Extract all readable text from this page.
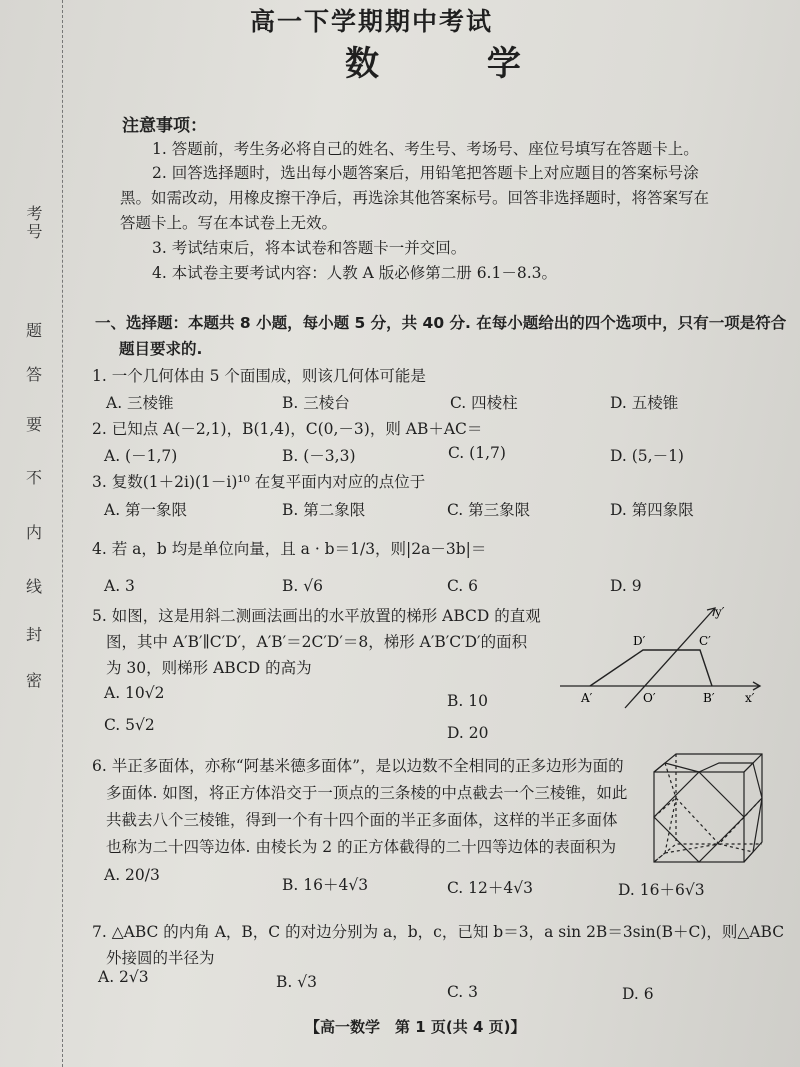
考号
题
答
要
不
内
线
封
密
高一下学期期中考试
数 学
注意事项：
1. 答题前，考生务必将自己的姓名、考生号、考场号、座位号填写在答题卡上。
2. 回答选择题时，选出每小题答案后，用铅笔把答题卡上对应题目的答案标号涂
黑。如需改动，用橡皮擦干净后，再选涂其他答案标号。回答非选择题时，将答案写在
答题卡上。写在本试卷上无效。
3. 考试结束后，将本试卷和答题卡一并交回。
4. 本试卷主要考试内容：人教 A 版必修第二册 6.1－8.3。
一、选择题：本题共 8 小题，每小题 5 分，共 40 分. 在每小题给出的四个选项中，只有一项是符合
题目要求的.
1. 一个几何体由 5 个面围成，则该几何体可能是
A. 三棱锥	B. 三棱台	C. 四棱柱	D. 五棱锥
2. 已知点 A(－2,1)，B(1,4)，C(0,－3)，则 AB＋AC＝
A. (－1,7)	B. (－3,3)	C. (1,7)	D. (5,－1)
3. 复数(1＋2i)(1－i)¹⁰ 在复平面内对应的点位于
A. 第一象限	B. 第二象限	C. 第三象限	D. 第四象限
4. 若 a，b 均是单位向量，且 a · b＝1/3，则|2a－3b|＝
A. 3	B. √6	C. 6	D. 9
5. 如图，这是用斜二测画法画出的水平放置的梯形 ABCD 的直观
图，其中 A′B′∥C′D′，A′B′＝2C′D′＝8，梯形 A′B′C′D′的面积
为 30，则梯形 ABCD 的高为
A. 10√2	B. 10
C. 5√2	D. 20
y′
D′	C′
A′	O′	B′	x′
6. 半正多面体，亦称“阿基米德多面体”，是以边数不全相同的正多边形为面的
多面体. 如图，将正方体沿交于一顶点的三条棱的中点截去一个三棱锥，如此
共截去八个三棱锥，得到一个有十四个面的半正多面体，这样的半正多面体
也称为二十四等边体. 由棱长为 2 的正方体截得的二十四等边体的表面积为
A. 20/3
B. 16＋4√3	C. 12＋4√3	D. 16＋6√3
7. △ABC 的内角 A，B，C 的对边分别为 a，b，c，已知 b＝3，a sin 2B＝3sin(B＋C)，则△ABC
外接圆的半径为
A. 2√3	B. √3
C. 3	D. 6
【高一数学　第 1 页(共 4 页)】
